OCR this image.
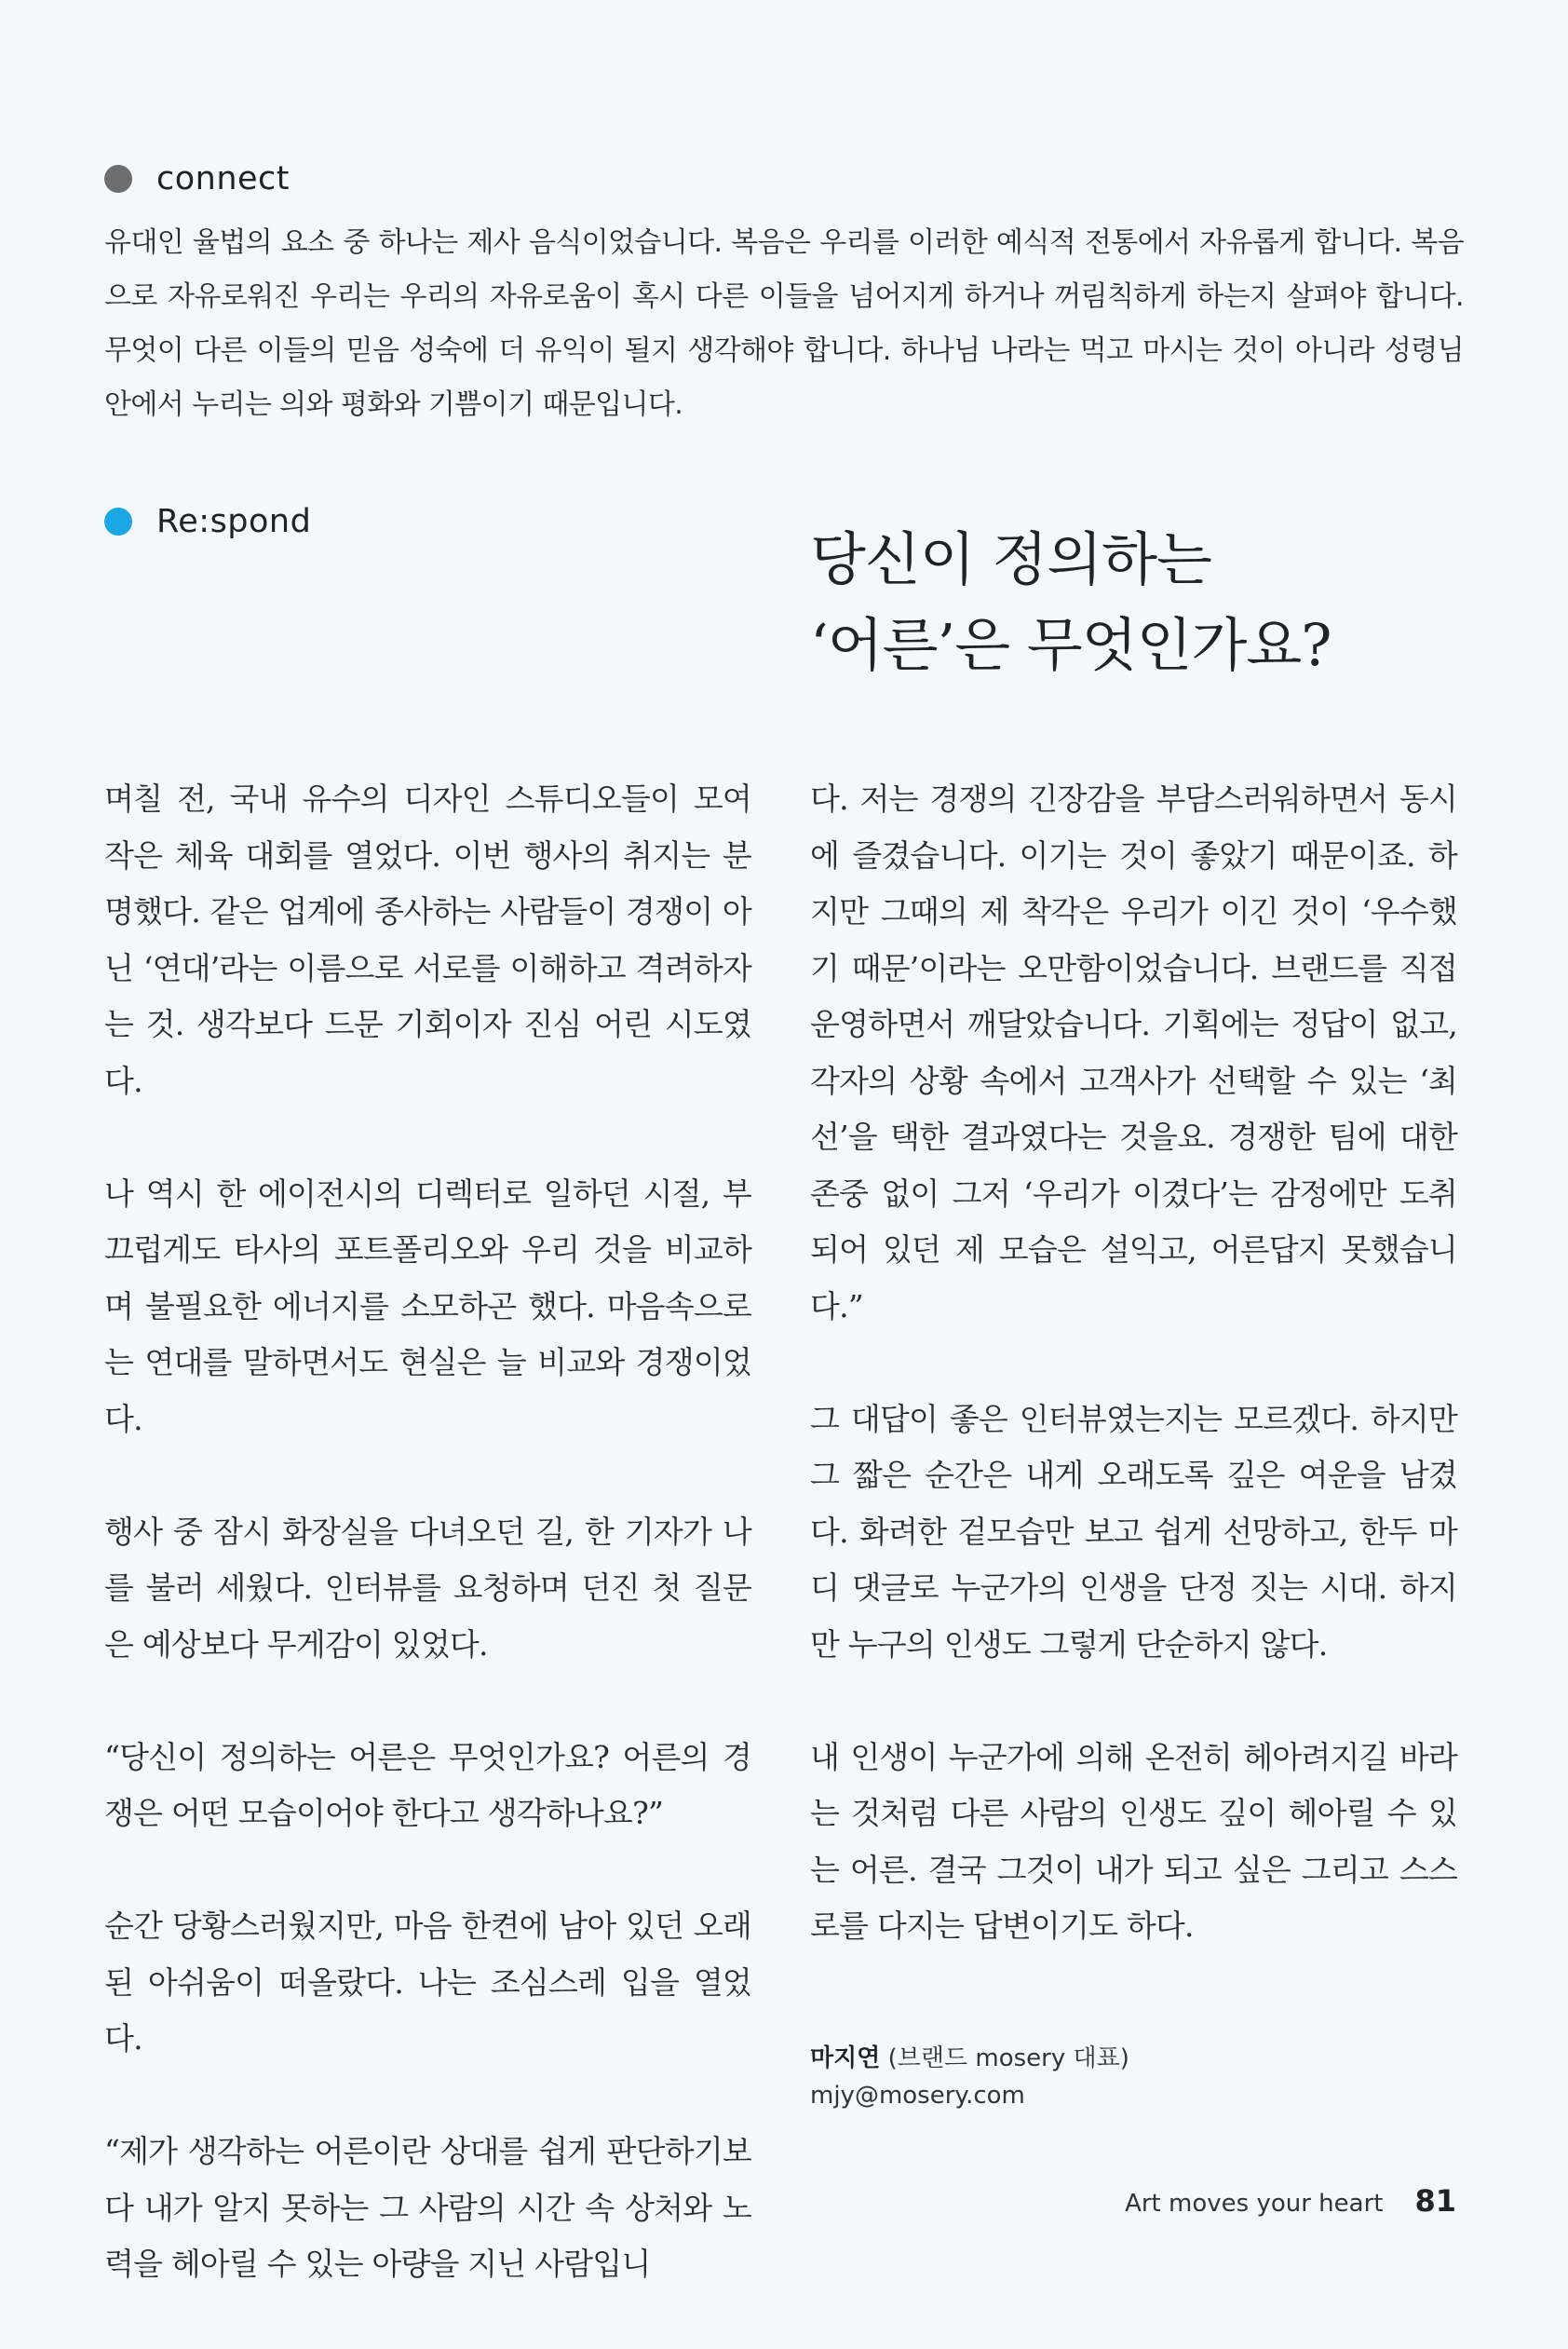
connect
유대인 율법의 요소 중 하나는 제사 음식이었습니다. 복음은 우리를 이러한 예식적 전통에서 자유롭게 합니다. 복음으로 자유로워진 우리는 우리의 자유로움이 혹시 다른 이들을 넘어지게 하거나 꺼림칙하게 하는지 살펴야 합니다. 무엇이 다른 이들의 믿음 성숙에 더 유익이 될지 생각해야 합니다. 하나님 나라는 먹고 마시는 것이 아니라 성령님 안에서 누리는 의와 평화와 기쁨이기 때문입니다.
Re:spond
당신이 정의하는
‘어른’은 무엇인가요?

며칠 전, 국내 유수의 디자인 스튜디오들이 모여 작은 체육 대회를 열었다. 이번 행사의 취지는 분명했다. 같은 업계에 종사하는 사람들이 경쟁이 아닌 ‘연대’라는 이름으로 서로를 이해하고 격려하자는 것. 생각보다 드문 기회이자 진심 어린 시도였다.

나 역시 한 에이전시의 디렉터로 일하던 시절, 부끄럽게도 타사의 포트폴리오와 우리 것을 비교하며 불필요한 에너지를 소모하곤 했다. 마음속으로는 연대를 말하면서도 현실은 늘 비교와 경쟁이었다.

행사 중 잠시 화장실을 다녀오던 길, 한 기자가 나를 불러 세웠다. 인터뷰를 요청하며 던진 첫 질문은 예상보다 무게감이 있었다.

“당신이 정의하는 어른은 무엇인가요? 어른의 경쟁은 어떤 모습이어야 한다고 생각하나요?”

순간 당황스러웠지만, 마음 한켠에 남아 있던 오래된 아쉬움이 떠올랐다. 나는 조심스레 입을 열었다.

“제가 생각하는 어른이란 상대를 쉽게 판단하기보다 내가 알지 못하는 그 사람의 시간 속 상처와 노력을 헤아릴 수 있는 아량을 지닌 사람입니

다. 저는 경쟁의 긴장감을 부담스러워하면서 동시에 즐겼습니다. 이기는 것이 좋았기 때문이죠. 하지만 그때의 제 착각은 우리가 이긴 것이 ‘우수했기 때문’이라는 오만함이었습니다. 브랜드를 직접 운영하면서 깨달았습니다. 기획에는 정답이 없고, 각자의 상황 속에서 고객사가 선택할 수 있는 ‘최선’을 택한 결과였다는 것을요. 경쟁한 팀에 대한 존중 없이 그저 ‘우리가 이겼다’는 감정에만 도취되어 있던 제 모습은 설익고, 어른답지 못했습니다.”

그 대답이 좋은 인터뷰였는지는 모르겠다. 하지만 그 짧은 순간은 내게 오래도록 깊은 여운을 남겼다. 화려한 겉모습만 보고 쉽게 선망하고, 한두 마디 댓글로 누군가의 인생을 단정 짓는 시대. 하지만 누구의 인생도 그렇게 단순하지 않다.

내 인생이 누군가에 의해 온전히 헤아려지길 바라는 것처럼 다른 사람의 인생도 깊이 헤아릴 수 있는 어른. 결국 그것이 내가 되고 싶은 그리고 스스로를 다지는 답변이기도 하다.

마지연 (브랜드 mosery 대표)
mjy@mosery.com
Art moves your heart 81
